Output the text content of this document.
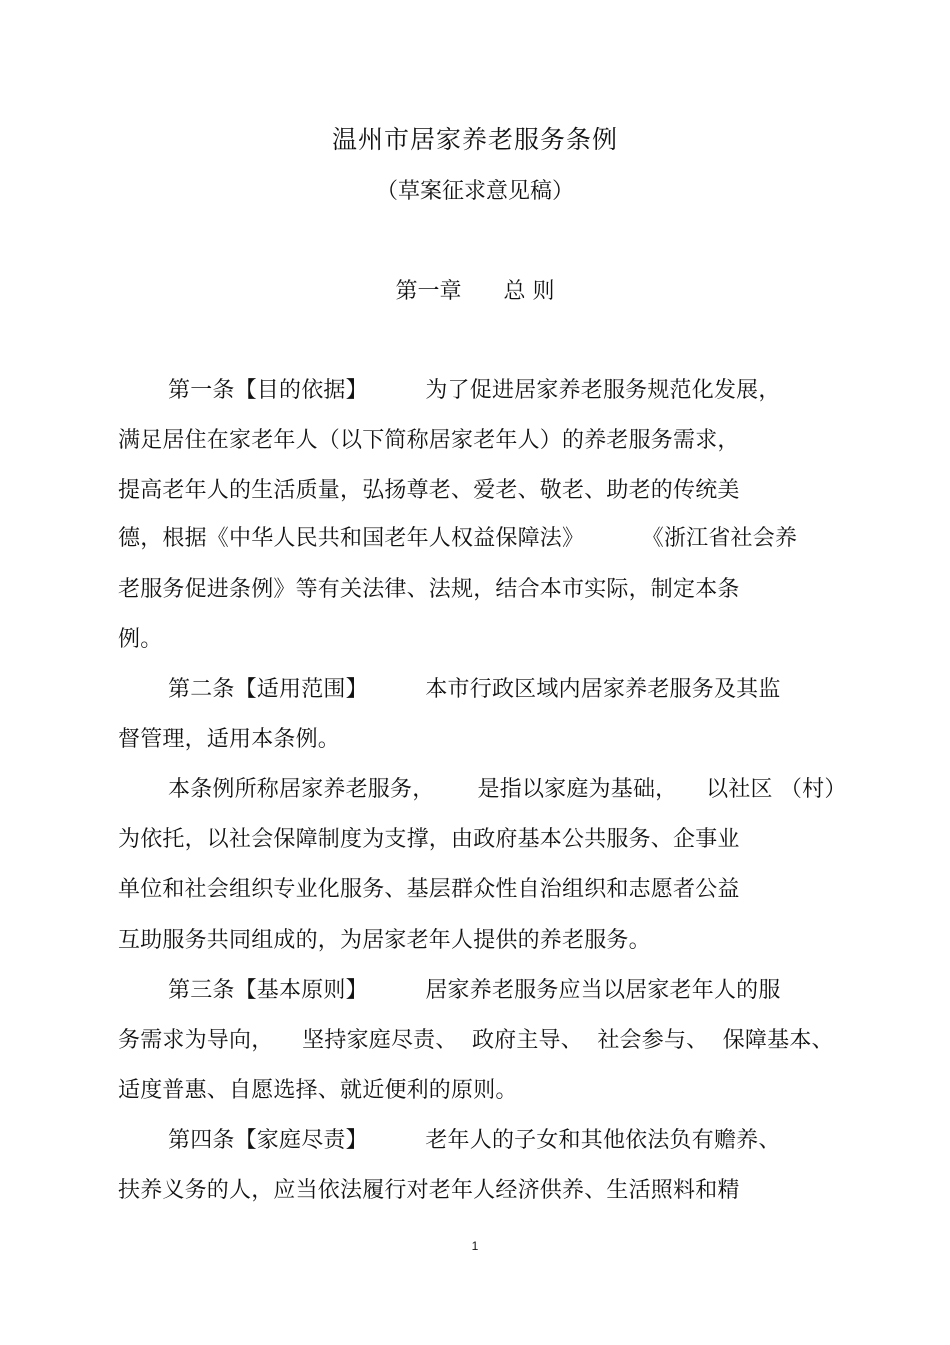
温州市居家养老服务条例
（草案征求意见稿）
第一章 总 则
第一条【目的依据】        为了促进居家养老服务规范化发展，
满足居住在家老年人（以下简称居家老年人）的养老服务需求，
提高老年人的生活质量，弘扬尊老、爱老、敬老、助老的传统美
德，根据《中华人民共和国老年人权益保障法》        《浙江省社会养
老服务促进条例》等有关法律、法规，结合本市实际，制定本条
例。
第二条【适用范围】        本市行政区域内居家养老服务及其监
督管理，适用本条例。
本条例所称居家养老服务，      是指以家庭为基础，    以社区 （村）
为依托，以社会保障制度为支撑，由政府基本公共服务、企事业
单位和社会组织专业化服务、基层群众性自治组织和志愿者公益
互助服务共同组成的，为居家老年人提供的养老服务。
第三条【基本原则】        居家养老服务应当以居家老年人的服
务需求为导向，    坚持家庭尽责、  政府主导、  社会参与、  保障基本、
适度普惠、自愿选择、就近便利的原则。
第四条【家庭尽责】        老年人的子女和其他依法负有赡养、
扶养义务的人，应当依法履行对老年人经济供养、生活照料和精
1
